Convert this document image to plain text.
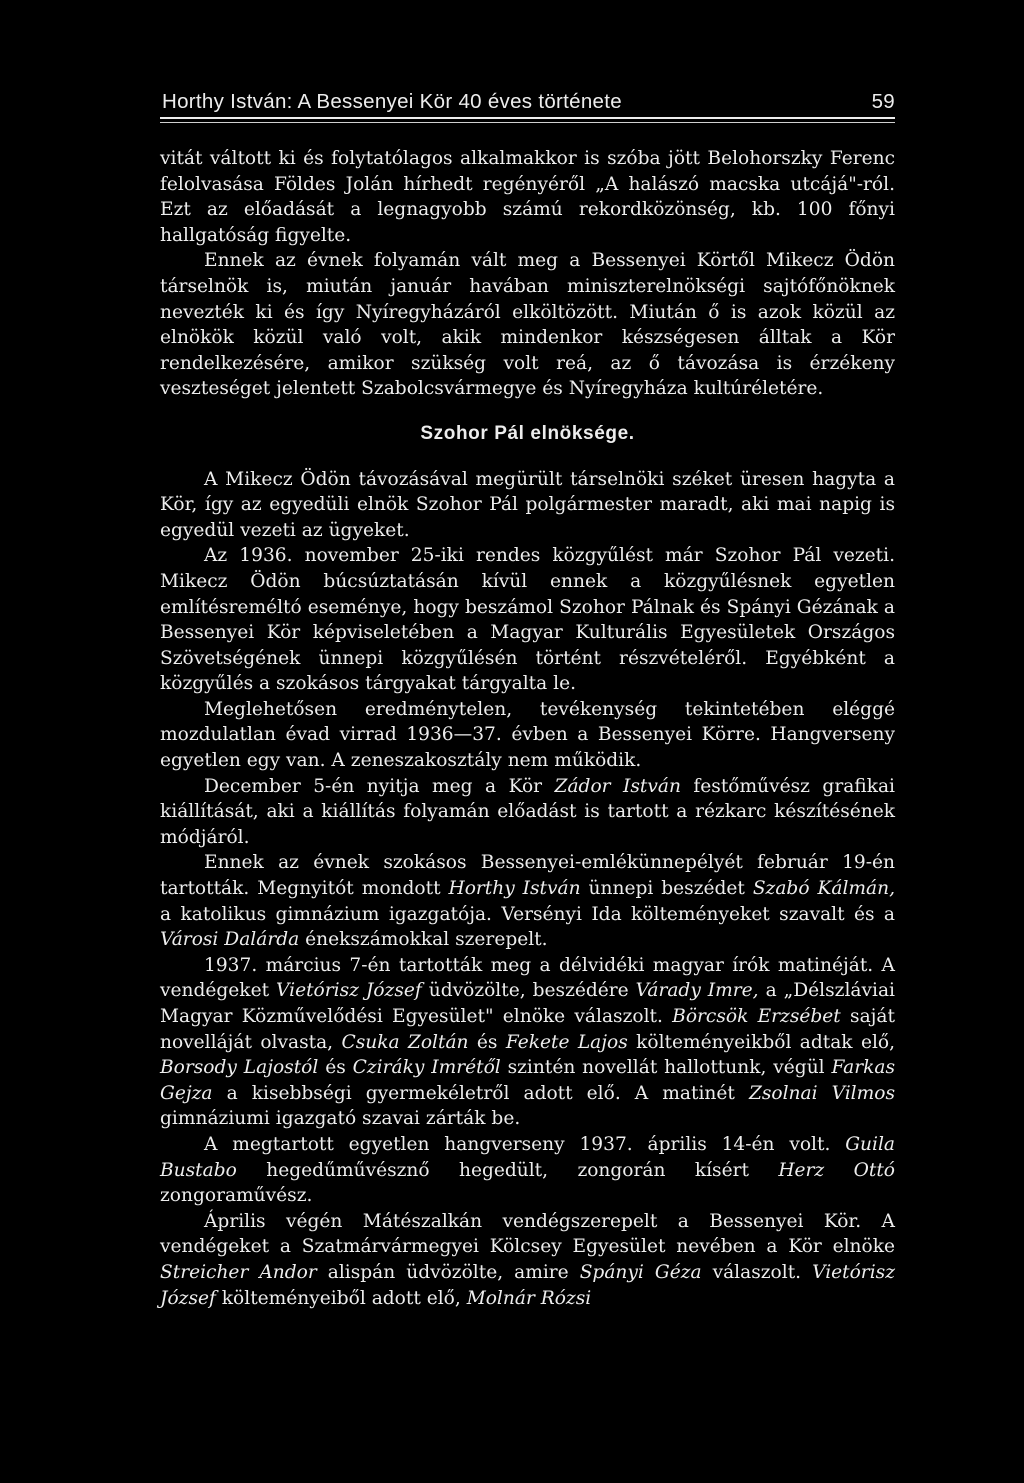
Horthy István: A Bessenyei Kör 40 éves története	59

vitát váltott ki és folytatólagos alkalmakkor is szóba jött Belohorszky Ferenc felolvasása Földes Jolán hírhedt regényéről „A halászó macska utcájá"-ról. Ezt az előadását a legnagyobb számú rekordközönség, kb. 100 főnyi hallgatóság figyelte.

Ennek az évnek folyamán vált meg a Bessenyei Körtől Mikecz Ödön társelnök is, miután január havában miniszterelnökségi sajtófőnöknek nevezték ki és így Nyíregyházáról elköltözött. Miután ő is azok közül az elnökök közül való volt, akik mindenkor készségesen álltak a Kör rendelkezésére, amikor szükség volt reá, az ő távozása is érzékeny veszteséget jelentett Szabolcsvármegye és Nyíregyháza kultúréletére.

Szohor Pál elnöksége.

A Mikecz Ödön távozásával megürült társelnöki széket üresen hagyta a Kör, így az egyedüli elnök Szohor Pál polgármester maradt, aki mai napig is egyedül vezeti az ügyeket.

Az 1936. november 25-iki rendes közgyűlést már Szohor Pál vezeti. Mikecz Ödön búcsúztatásán kívül ennek a közgyűlésnek egyetlen említésreméltó eseménye, hogy beszámol Szohor Pálnak és Spányi Gézának a Bessenyei Kör képviseletében a Magyar Kulturális Egyesületek Országos Szövetségének ünnepi közgyűlésén történt részvételéről. Egyébként a közgyűlés a szokásos tárgyakat tárgyalta le.

Meglehetősen eredménytelen, tevékenység tekintetében eléggé mozdulatlan évad virrad 1936—37. évben a Bessenyei Körre. Hangverseny egyetlen egy van. A zeneszakosztály nem működik.

December 5-én nyitja meg a Kör Zádor István festőművész grafikai kiállítását, aki a kiállítás folyamán előadást is tartott a rézkarc készítésének módjáról.

Ennek az évnek szokásos Bessenyei-emlékünnepélyét február 19-én tartották. Megnyitót mondott Horthy István ünnepi beszédet Szabó Kálmán, a katolikus gimnázium igazgatója. Versényi Ida költeményeket szavalt és a Városi Dalárda énekszámokkal szerepelt.

1937. március 7-én tartották meg a délvidéki magyar írók matinéját. A vendégeket Vietórisz József üdvözölte, beszédére Várady Imre, a „Délszláviai Magyar Közművelődési Egyesület" elnöke válaszolt. Börcsök Erzsébet saját novelláját olvasta, Csuka Zoltán és Fekete Lajos költeményeikből adtak elő, Borsody Lajostól és Cziráky Imrétől szintén novellát hallottunk, végül Farkas Gejza a kisebbségi gyermekéletről adott elő. A matinét Zsolnai Vilmos gimnáziumi igazgató szavai zárták be.

A megtartott egyetlen hangverseny 1937. április 14-én volt. Guila Bustabo hegedűművésznő hegedült, zongorán kísért Herz Ottó zongoraművész.

Április végén Mátészalkán vendégszerepelt a Bessenyei Kör. A vendégeket a Szatmárvármegyei Kölcsey Egyesület nevében a Kör elnöke Streicher Andor alispán üdvözölte, amire Spányi Géza válaszolt. Vietórisz József költeményeiből adott elő, Molnár Rózsi
